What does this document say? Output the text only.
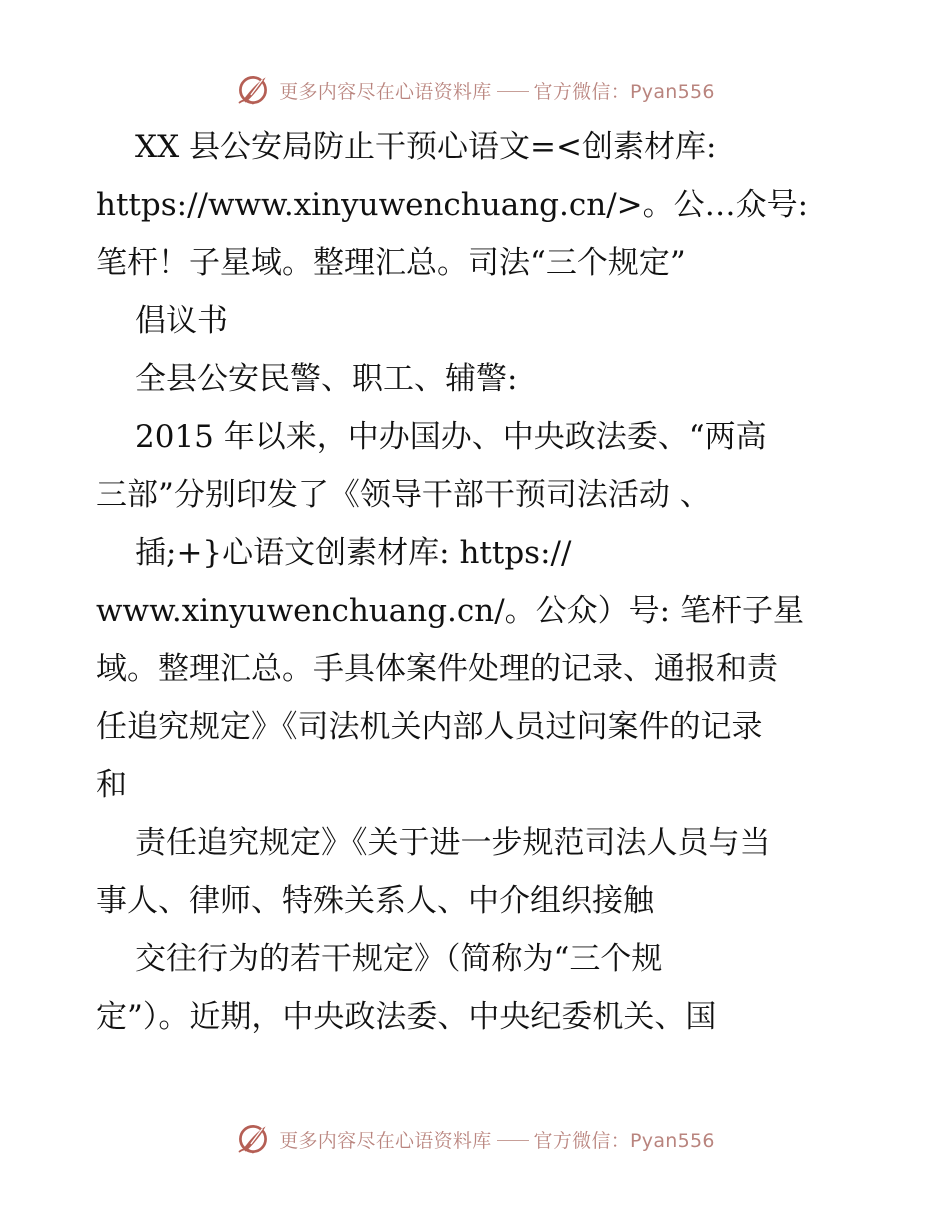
更多内容尽在心语资料库 官方微信：Pyan556
XX 县公安局防止干预心语文=<创素材库:
https://www.xinyuwenchuang.cn/>。公…众号:
笔杆！子星域。整理汇总。司法“三个规定”
倡议书
全县公安民警、职工、辅警:
2015 年以来，中办国办、中央政法委、“两高
三部”分别印发了《领导干部干预司法活动 、
插;+}心语文创素材库: https://
www.xinyuwenchuang.cn/。公众）号: 笔杆子星
域。整理汇总。手具体案件处理的记录、通报和责
任追究规定》《司法机关内部人员过问案件的记录
和
责任追究规定》《关于进一步规范司法人员与当
事人、律师、特殊关系人、中介组织接触
交往行为的若干规定》（简称为“三个规
定”）。近期，中央政法委、中央纪委机关、国
更多内容尽在心语资料库 官方微信：Pyan556
